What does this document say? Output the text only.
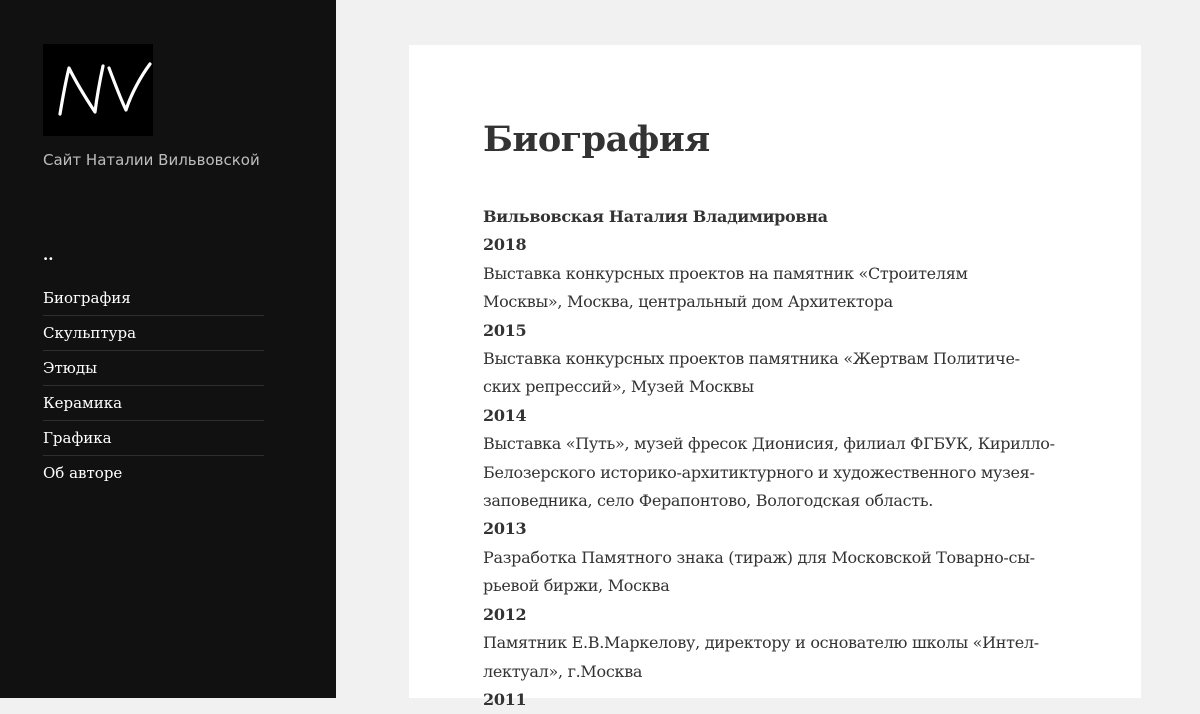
Сайт Наталии Вильвовской

..

Биография
Скульптура
Этюды
Керамика
Графика
Об авторе
Биография
Вильвовская Наталия Владимировна
2018
Выставка конкурсных проектов на памятник «Строителям
Москвы», Москва, центральный дом Архитектора
2015
Выставка конкурсных проектов памятника «Жертвам Политиче-
ских репрессий», Музей Москвы
2014
Выставка «Путь», музей фресок Дионисия, филиал ФГБУК, Кирилло-
Белозерского историко-архитиктурного и художественного музея-
заповедника, село Ферапонтово, Вологодская область.
2013
Разработка Памятного знака (тираж) для Московской Товарно-сы-
рьевой биржи, Москва
2012
Памятник Е.В.Маркелову, директору и основателю школы «Интел-
лектуал», г.Москва
2011
